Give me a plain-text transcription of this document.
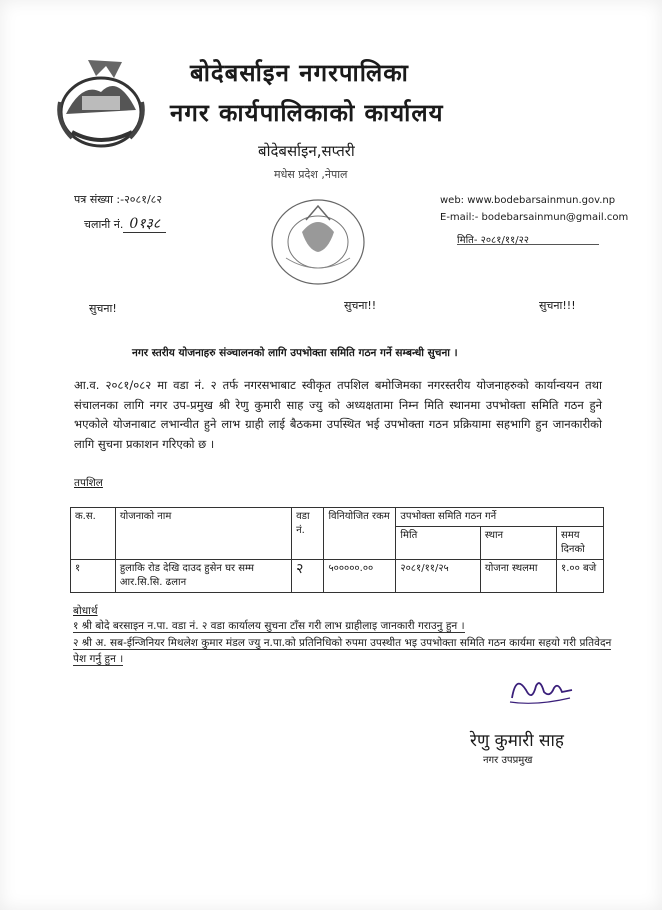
बोदेबर्साइन नगरपालिका
नगर कार्यपालिकाको कार्यालय
बोदेबर्साइन,सप्तरी
मधेस प्रदेश ,नेपाल
पत्र संख्या :-२०८१/८२
चलानी नं. 0१३८
web: www.bodebarsainmun.gov.np
E-mail:- bodebarsainmun@gmail.com
मिति- २०८१/११/२२
सुचना!	सुचना!!	सुचना!!!
नगर स्तरीय योजनाहरु संञ्चालनको लागि उपभोक्ता समिति गठन गर्ने सम्बन्धी सुचना ।
आ.व. २०८१/०८२ मा वडा नं. २ तर्फ नगरसभाबाट स्वीकृत तपशिल बमोजिमका नगरस्तरीय योजनाहरुको कार्यान्वयन तथा संचालनका लागि नगर उप-प्रमुख श्री रेणु कुमारी साह ज्यु को अध्यक्षतामा निम्न मिति स्थानमा उपभोक्ता समिति गठन हुने भएकोले योजनाबाट लभान्वीत हुने लाभ ग्राही लाई बैठकमा उपस्थित भई उपभोक्ता गठन प्रक्रियामा सहभागि हुन जानकारीको लागि सुचना प्रकाशन गरिएको छ ।
तपशिल
क.स.	योजनाको नाम	वडा नं.	विनियोजित रकम	उपभोक्ता समिति गठन गर्ने		
				मिति	स्थान	समय दिनको
१	हुलाकि रोड देखि दाउद हुसेन घर सम्म आर.सि.सि. ढलान	२	५०००००.००	२०८१/११/२५	योजना स्थलमा	१.०० बजे
बोधार्थ
१ श्री बोदे बरसाइन न.पा. वडा नं. २ वडा कार्यालय सुचना टाँस गरी लाभ ग्राहीलाइ जानकारी गराउनु हुन ।
२ श्री अ. सब-ईन्जिनियर मिथलेश कुमार मंडल ज्यु न.पा.को प्रतिनिधिको रुपमा उपस्थीत भइ उपभोक्ता समिति गठन कार्यमा सहयो गरी प्रतिवेदन पेश गर्नु हुन ।
रेणु कुमारी साह
नगर उपप्रमुख
